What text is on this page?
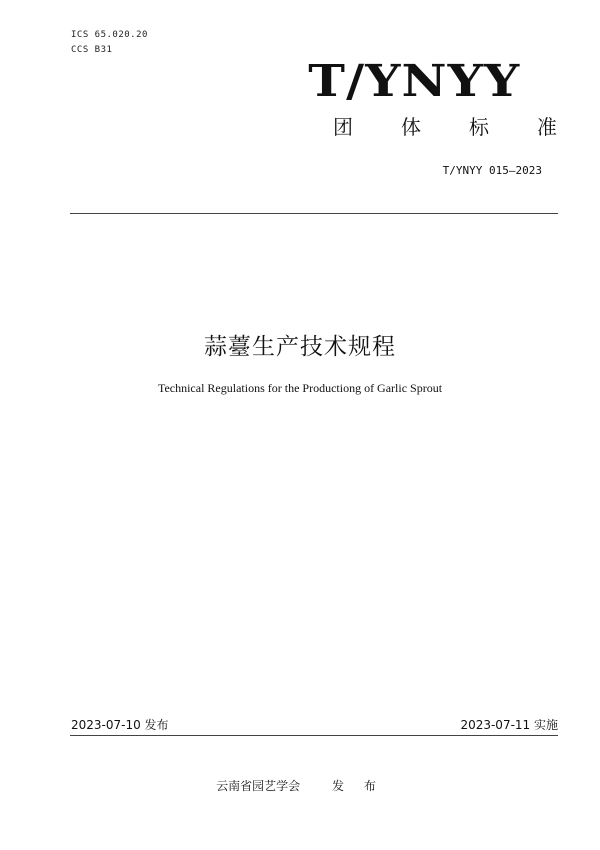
ICS 65.020.20
CCS B31
T/YNYY
团 体 标 准
T/YNYY 015—2023
蒜薹生产技术规程
Technical Regulations for the Productiong of Garlic Sprout
2023-07-10 发布	2023-07-11 实施
云南省园艺学会	发 布
